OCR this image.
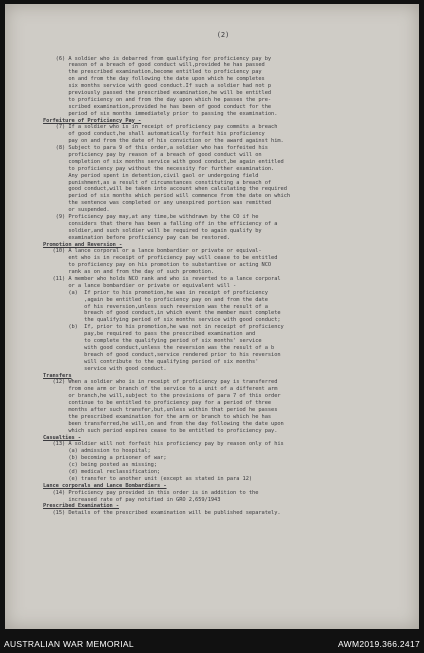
(2)

(6) A soldier who is debarred from qualifying for proficiency pay by
reason of a breach of good conduct will,provided he has passed
the prescribed examination,become entitled to proficiency pay
on and from the day following the date upon which he completes
six months service with good conduct.If such a soldier had not p
previously passed the prescribed examination,he will be entitled
to proficiency on and from the day upon which he passes the pre-
scribed examination,provided he has been of good conduct for the
period of six months immediately prior to passing the examination.
Forfeiture of Proficiency Pay -
(7) If a soldier who is in receipt of proficiency pay commits a breach
of good conduct,he shall automatically forfeit his proficiency
pay on and from the date of his conviction or the award against him.
(8) Subject to para 9 of this order,a soldier who has forfeited his
proficiency pay by reason of a breach of good conduct will on
completion of six months service with good conduct,be again entitled
to proficiency pay without the necessity for further examination.
Any period spent in detention,civil gaol or undergoing field
punishment,as a result of circumstances constituting a breach of
good conduct,will be taken into account when calculating the required
period of six months which period will commence from the date on which
the sentence was completed or any unexpired portion was remitted
or suspended.
(9) Proficiency pay may,at any time,be withdrawn by the CO if he
considers that there has been a falling off in the efficiency of a
soldier,and such soldier will be required to again qualify by
examination before proficiency pay can be restored.
Promotion and Reversion -
(10) A lance corporal or a lance bombardier or private or equival-
ent who is in receipt of proficiency pay will cease to be entitled
to proficiency pay on his promotion to substantive or acting NCO
rank as on and from the day of such promotion.
(11) A member who holds NCO rank and who is reverted to a lance corporal
or a lance bombardier or private or equivalent will -
(a)  If prior to his promotion,he was in receipt of proficiency
,again be entitled to proficiency pay on and from the date
of his reversion,unless such reversion was the result of a
breach of good conduct,in which event the member must complete
the qualifying period of six months service with good conduct;
(b)  If, prior to his promotion,he was not in receipt of proficiency
pay,be required to pass the prescribed examination and
to complete the qualifying period of six months' service
with good conduct,unless the reversion was the result of a b
breach of good conduct,service rendered prior to his reversion
will contribute to the qualifying period of six months'
service with good conduct.
Transfers
(12) When a soldier who is in receipt of proficiency pay is transferred
from one arm or branch of the service to a unit of a different arm
or branch,he will,subject to the provisions of para 7 of this order
continue to be entitled to proficiency pay for a period of three
months after such transfer,but,unless within that period he passes
the prescribed examination for the arm or branch to which he has
been transferred,he will,on and from the day following the date upon
which such period expires cease to be entitled to proficiency pay.
Casualties -
(13) A soldier will not forfeit his proficiency pay by reason only of his
(a) admission to hospital;
(b) becoming a prisoner of war;
(c) being posted as missing;
(d) medical reclassification;
(e) transfer to another unit (except as stated in para 12)
Lance corporals and Lance Bombardiers -
(14) Proficiency pay provided in this order is in addition to the
increased rate of pay notified in GRO 2,659/1943
Prescribed Examination -
(15) Details of the prescribed examination will be published separately.

AUSTRALIAN WAR MEMORIAL	AWM2019.366.2417
